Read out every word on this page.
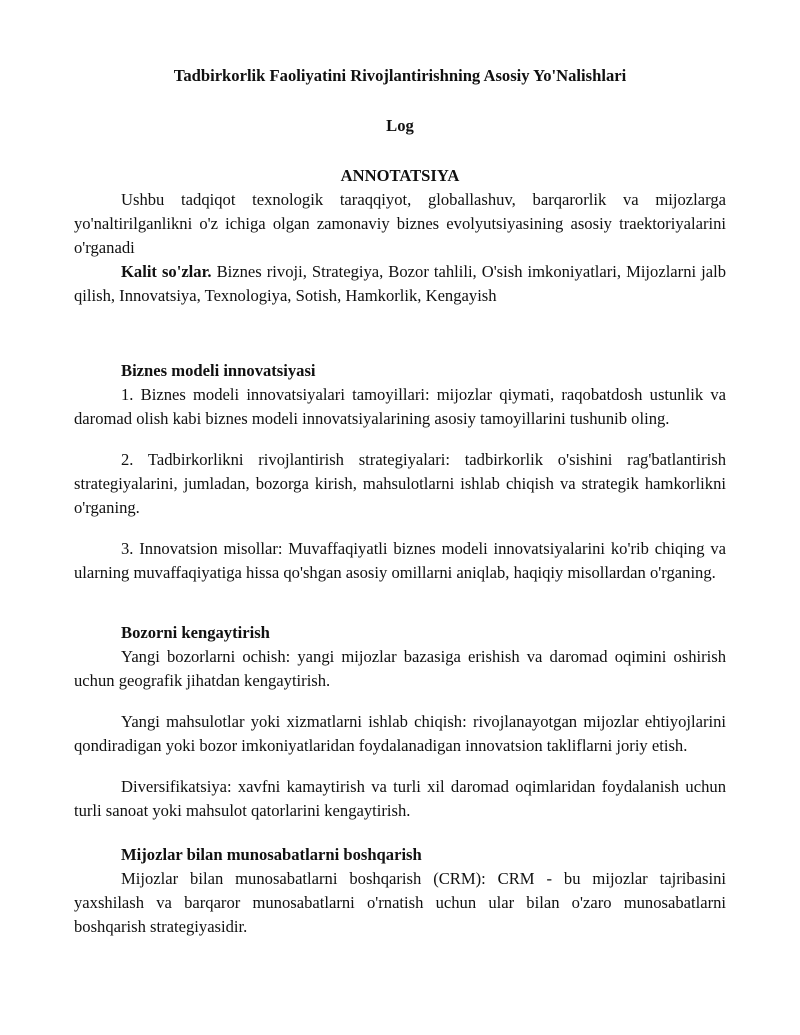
Tadbirkorlik Faoliyatini Rivojlantirishning Asosiy Yo'Nalishlari
Log
ANNOTATSIYA

Ushbu tadqiqot texnologik taraqqiyot, globallashuv, barqarorlik va mijozlarga yo'naltirilganlikni o'z ichiga olgan zamonaviy biznes evolyutsiyasining asosiy traektoriyalarini o'rganadi

Kalit so'zlar. Biznes rivoji, Strategiya, Bozor tahlili, O'sish imkoniyatlari, Mijozlarni jalb qilish, Innovatsiya, Texnologiya, Sotish, Hamkorlik, Kengayish

Biznes modeli innovatsiyasi

1. Biznes modeli innovatsiyalari tamoyillari: mijozlar qiymati, raqobatdosh ustunlik va daromad olish kabi biznes modeli innovatsiyalarining asosiy tamoyillarini tushunib oling.

2. Tadbirkorlikni rivojlantirish strategiyalari: tadbirkorlik o'sishini rag'batlantirish strategiyalarini, jumladan, bozorga kirish, mahsulotlarni ishlab chiqish va strategik hamkorlikni o'rganing.

3. Innovatsion misollar: Muvaffaqiyatli biznes modeli innovatsiyalarini ko'rib chiqing va ularning muvaffaqiyatiga hissa qo'shgan asosiy omillarni aniqlab, haqiqiy misollardan o'rganing.

Bozorni kengaytirish

Yangi bozorlarni ochish: yangi mijozlar bazasiga erishish va daromad oqimini oshirish uchun geografik jihatdan kengaytirish.

Yangi mahsulotlar yoki xizmatlarni ishlab chiqish: rivojlanayotgan mijozlar ehtiyojlarini qondiradigan yoki bozor imkoniyatlaridan foydalanadigan innovatsion takliflarni joriy etish.

Diversifikatsiya: xavfni kamaytirish va turli xil daromad oqimlaridan foydalanish uchun turli sanoat yoki mahsulot qatorlarini kengaytirish.

Mijozlar bilan munosabatlarni boshqarish

Mijozlar bilan munosabatlarni boshqarish (CRM): CRM - bu mijozlar tajribasini yaxshilash va barqaror munosabatlarni o'rnatish uchun ular bilan o'zaro munosabatlarni boshqarish strategiyasidir.
